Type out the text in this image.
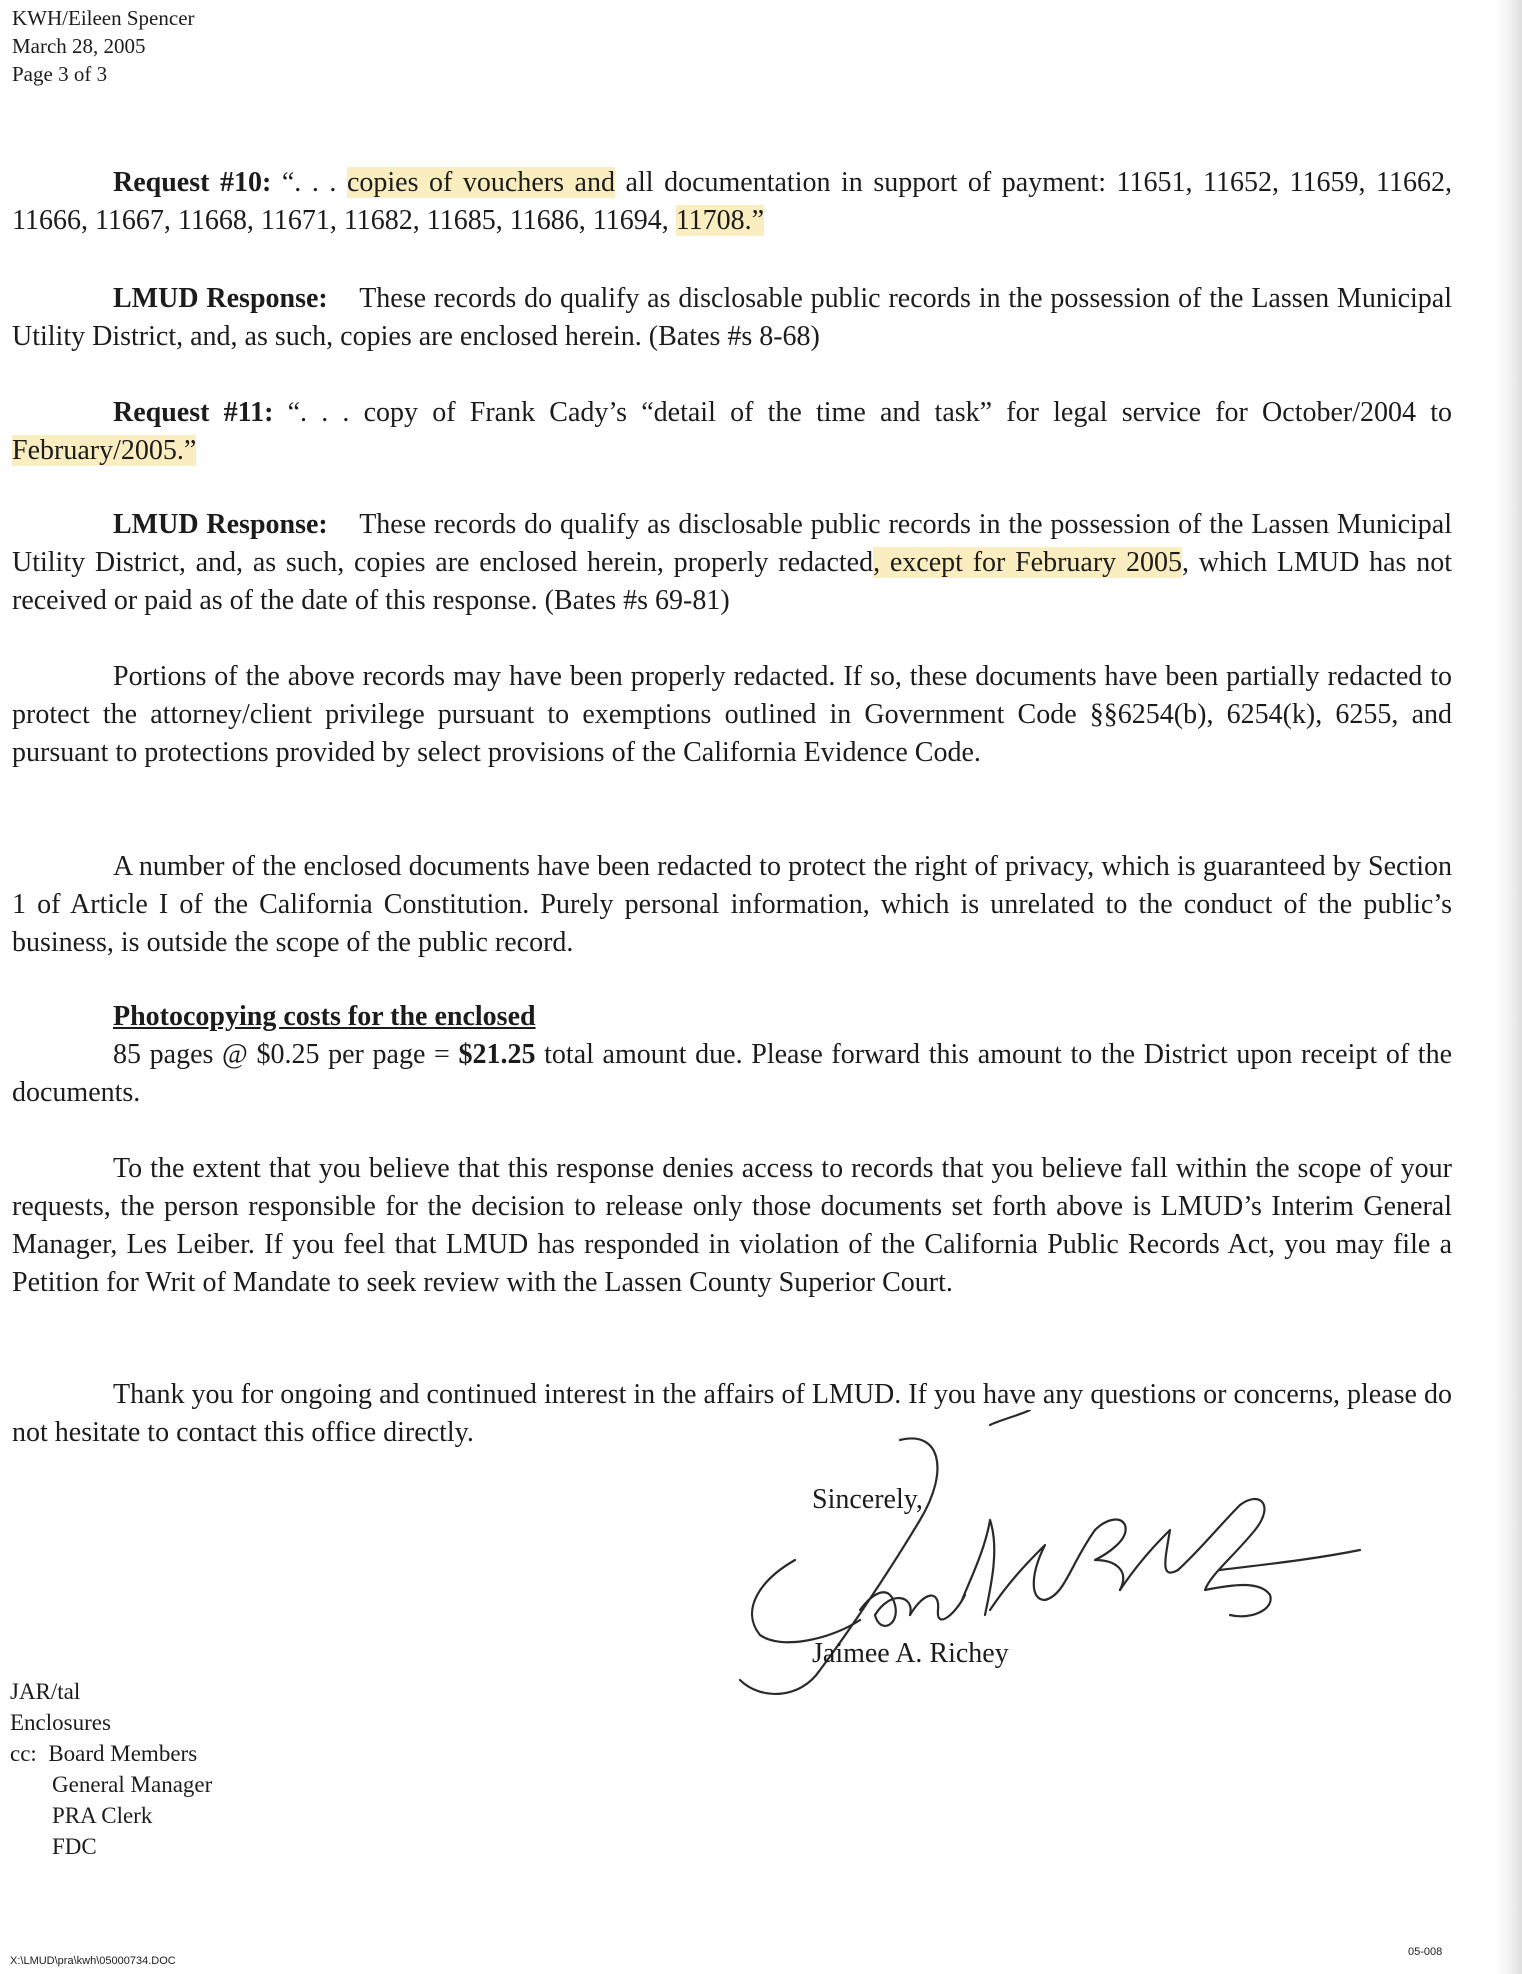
KWH/Eileen Spencer
March 28, 2005
Page 3 of 3
Request #10: “. . . copies of vouchers and all documentation in support of payment: 11651, 11652, 11659, 11662, 11666, 11667, 11668, 11671, 11682, 11685, 11686, 11694, 11708.”
LMUD Response: These records do qualify as disclosable public records in the possession of the Lassen Municipal Utility District, and, as such, copies are enclosed herein. (Bates #s 8-68)
Request #11: “. . . copy of Frank Cady’s “detail of the time and task” for legal service for October/2004 to February/2005.”
LMUD Response: These records do qualify as disclosable public records in the possession of the Lassen Municipal Utility District, and, as such, copies are enclosed herein, properly redacted, except for February 2005, which LMUD has not received or paid as of the date of this response. (Bates #s 69-81)
Portions of the above records may have been properly redacted. If so, these documents have been partially redacted to protect the attorney/client privilege pursuant to exemptions outlined in Government Code §§6254(b), 6254(k), 6255, and pursuant to protections provided by select provisions of the California Evidence Code.
A number of the enclosed documents have been redacted to protect the right of privacy, which is guaranteed by Section 1 of Article I of the California Constitution. Purely personal information, which is unrelated to the conduct of the public’s business, is outside the scope of the public record.
Photocopying costs for the enclosed
85 pages @ $0.25 per page = $21.25 total amount due. Please forward this amount to the District upon receipt of the documents.
To the extent that you believe that this response denies access to records that you believe fall within the scope of your requests, the person responsible for the decision to release only those documents set forth above is LMUD’s Interim General Manager, Les Leiber. If you feel that LMUD has responded in violation of the California Public Records Act, you may file a Petition for Writ of Mandate to seek review with the Lassen County Superior Court.
Thank you for ongoing and continued interest in the affairs of LMUD. If you have any questions or concerns, please do not hesitate to contact this office directly.
Sincerely,
Jaimee A. Richey
JAR/tal
Enclosures
cc: Board Members
General Manager
PRA Clerk
FDC
X:\LMUD\pra\kwh\05000734.DOC
05-008
